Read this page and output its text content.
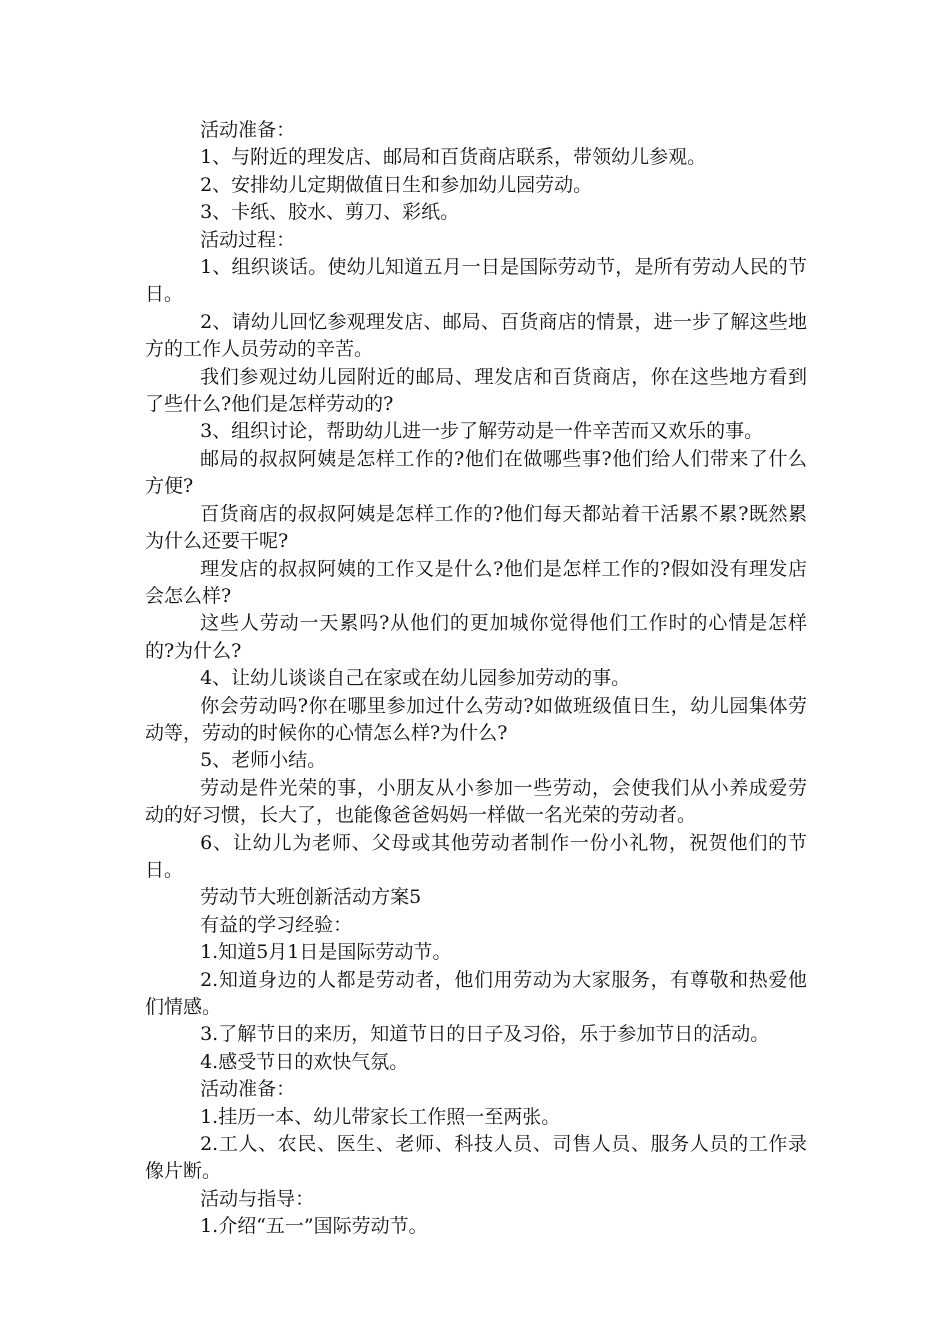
活动准备：

1、与附近的理发店、邮局和百货商店联系，带领幼儿参观。

2、安排幼儿定期做值日生和参加幼儿园劳动。

3、卡纸、胶水、剪刀、彩纸。

活动过程：

1、组织谈话。使幼儿知道五月一日是国际劳动节，是所有劳动人民的节日。

2、请幼儿回忆参观理发店、邮局、百货商店的情景，进一步了解这些地方的工作人员劳动的辛苦。

我们参观过幼儿园附近的邮局、理发店和百货商店，你在这些地方看到了些什么?他们是怎样劳动的?

3、组织讨论，帮助幼儿进一步了解劳动是一件辛苦而又欢乐的事。

邮局的叔叔阿姨是怎样工作的?他们在做哪些事?他们给人们带来了什么方便?

百货商店的叔叔阿姨是怎样工作的?他们每天都站着干活累不累?既然累为什么还要干呢?

理发店的叔叔阿姨的工作又是什么?他们是怎样工作的?假如没有理发店会怎么样?

这些人劳动一天累吗?从他们的更加城你觉得他们工作时的心情是怎样的?为什么?

4、让幼儿谈谈自己在家或在幼儿园参加劳动的事。

你会劳动吗?你在哪里参加过什么劳动?如做班级值日生，幼儿园集体劳动等，劳动的时候你的心情怎么样?为什么?

5、老师小结。

劳动是件光荣的事，小朋友从小参加一些劳动，会使我们从小养成爱劳动的好习惯，长大了，也能像爸爸妈妈一样做一名光荣的劳动者。

6、让幼儿为老师、父母或其他劳动者制作一份小礼物，祝贺他们的节日。

劳动节大班创新活动方案5

有益的学习经验：

1.知道5月1日是国际劳动节。

2.知道身边的人都是劳动者，他们用劳动为大家服务，有尊敬和热爱他们情感。

3.了解节日的来历，知道节日的日子及习俗，乐于参加节日的活动。

4.感受节日的欢快气氛。

活动准备：

1.挂历一本、幼儿带家长工作照一至两张。

2.工人、农民、医生、老师、科技人员、司售人员、服务人员的工作录像片断。

活动与指导：

1.介绍“五一”国际劳动节。
